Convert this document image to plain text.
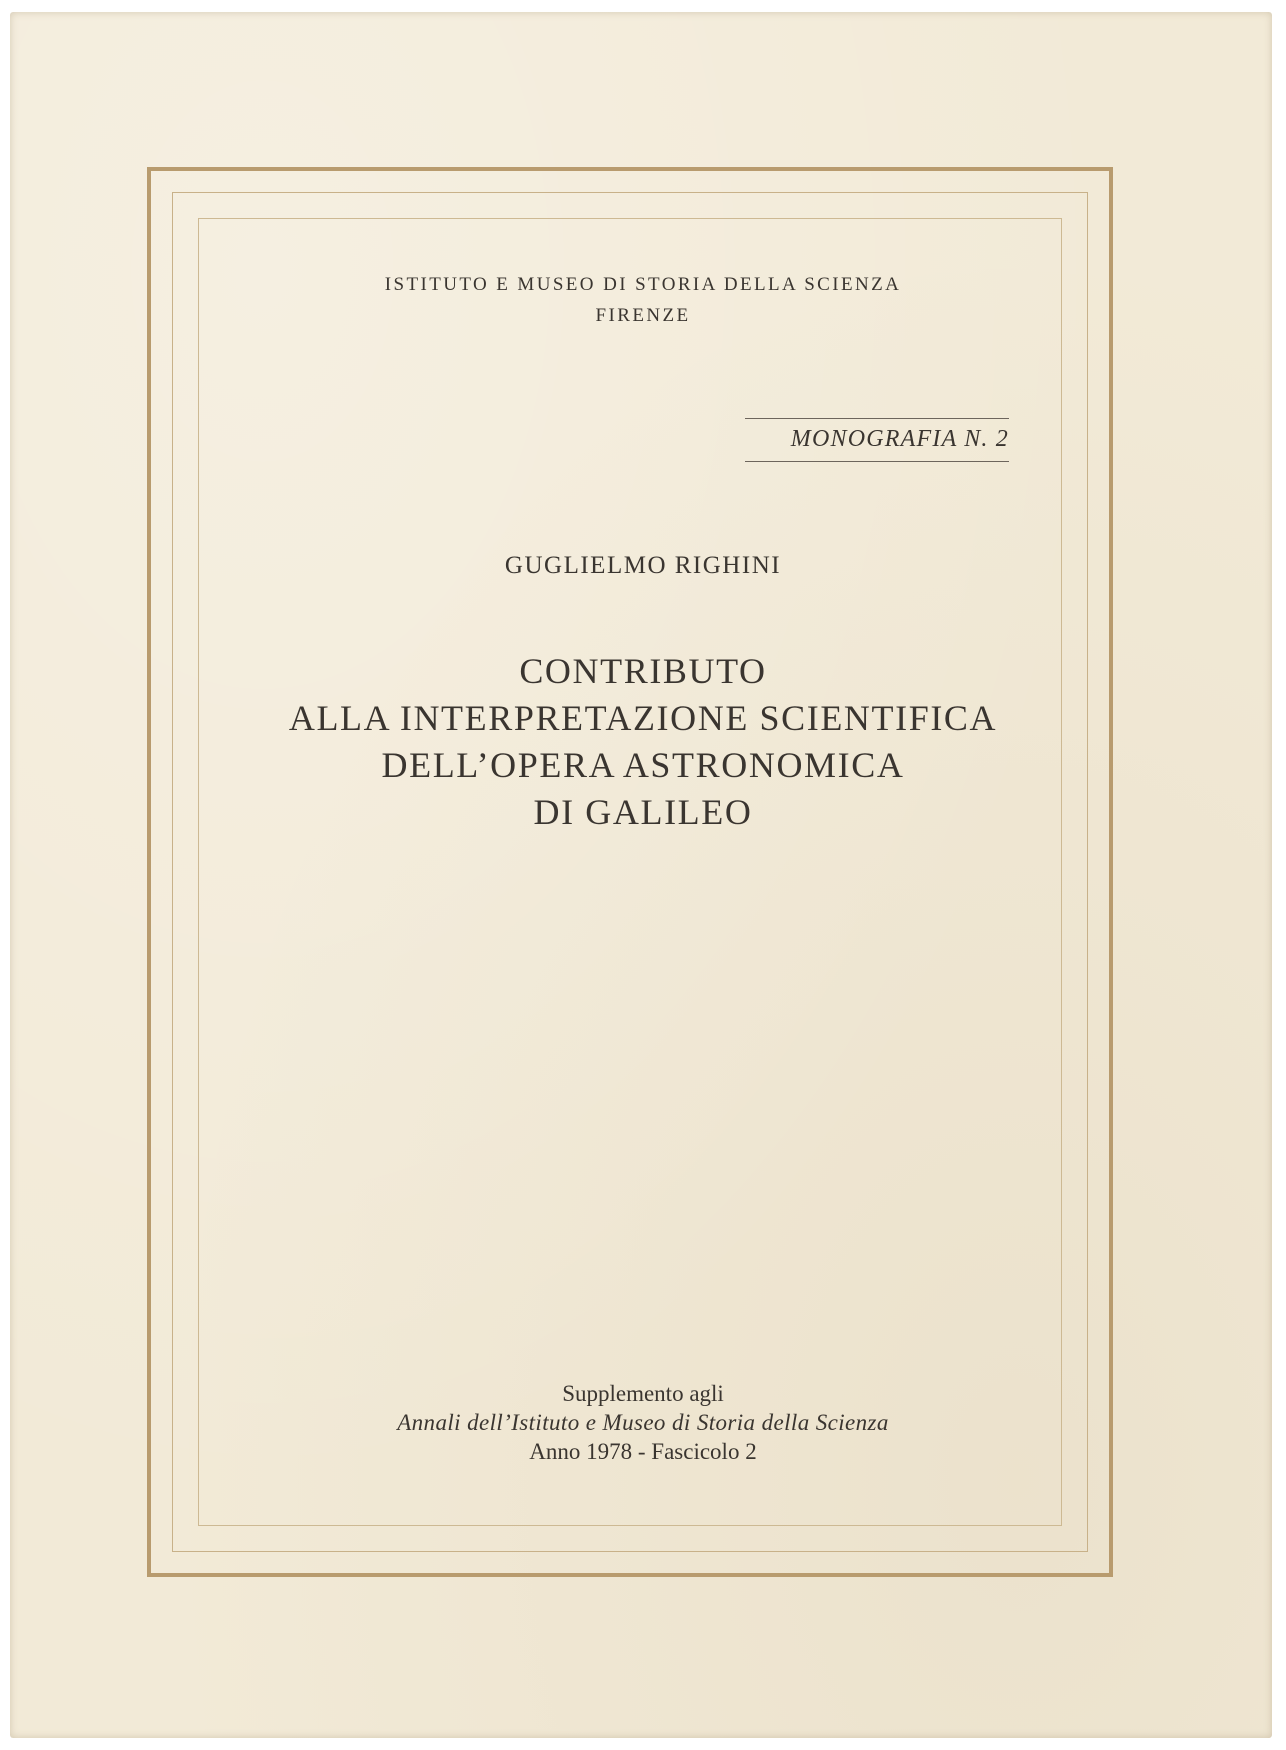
ISTITUTO E MUSEO DI STORIA DELLA SCIENZA
FIRENZE
MONOGRAFIA N. 2
GUGLIELMO RIGHINI
CONTRIBUTO
ALLA INTERPRETAZIONE SCIENTIFICA
DELL’OPERA ASTRONOMICA
DI GALILEO
Supplemento agli
Annali dell’Istituto e Museo di Storia della Scienza
Anno 1978 - Fascicolo 2
